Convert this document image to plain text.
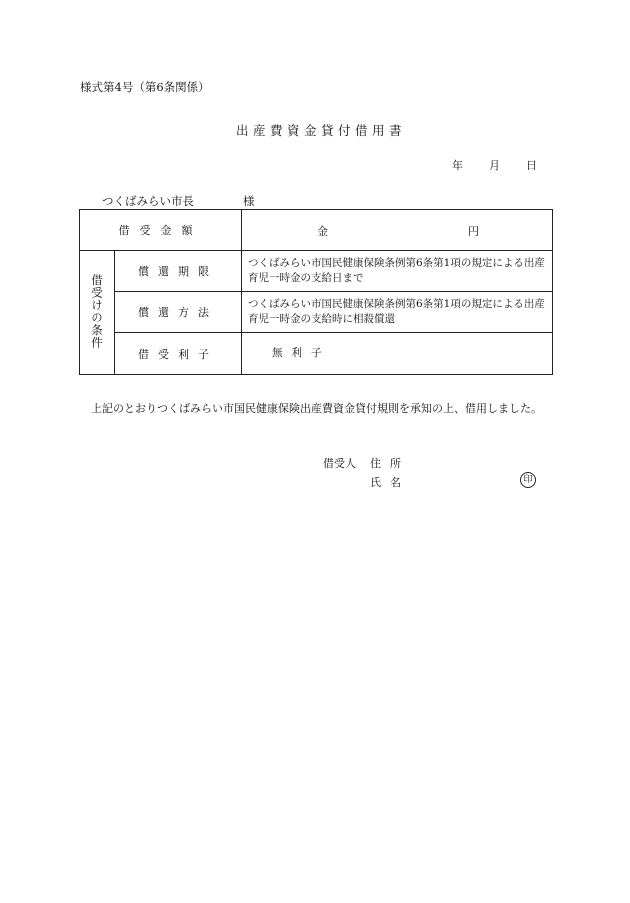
様式第4号（第6条関係）
出産費資金貸付借用書
年 月 日
つくばみらい市長	様
借受金額		金 円

借受けの条件	償還期限	つくばみらい市国民健康保険条例第6条第1項の規定による出産育児一時金の支給日まで
	償還方法	つくばみらい市国民健康保険条例第6条第1項の規定による出産育児一時金の支給時に相殺償還
	借受利子	無利子

上記のとおりつくばみらい市国民健康保険出産費資金貸付規則を承知の上、借用しました。

借受人 住所
氏名	印
